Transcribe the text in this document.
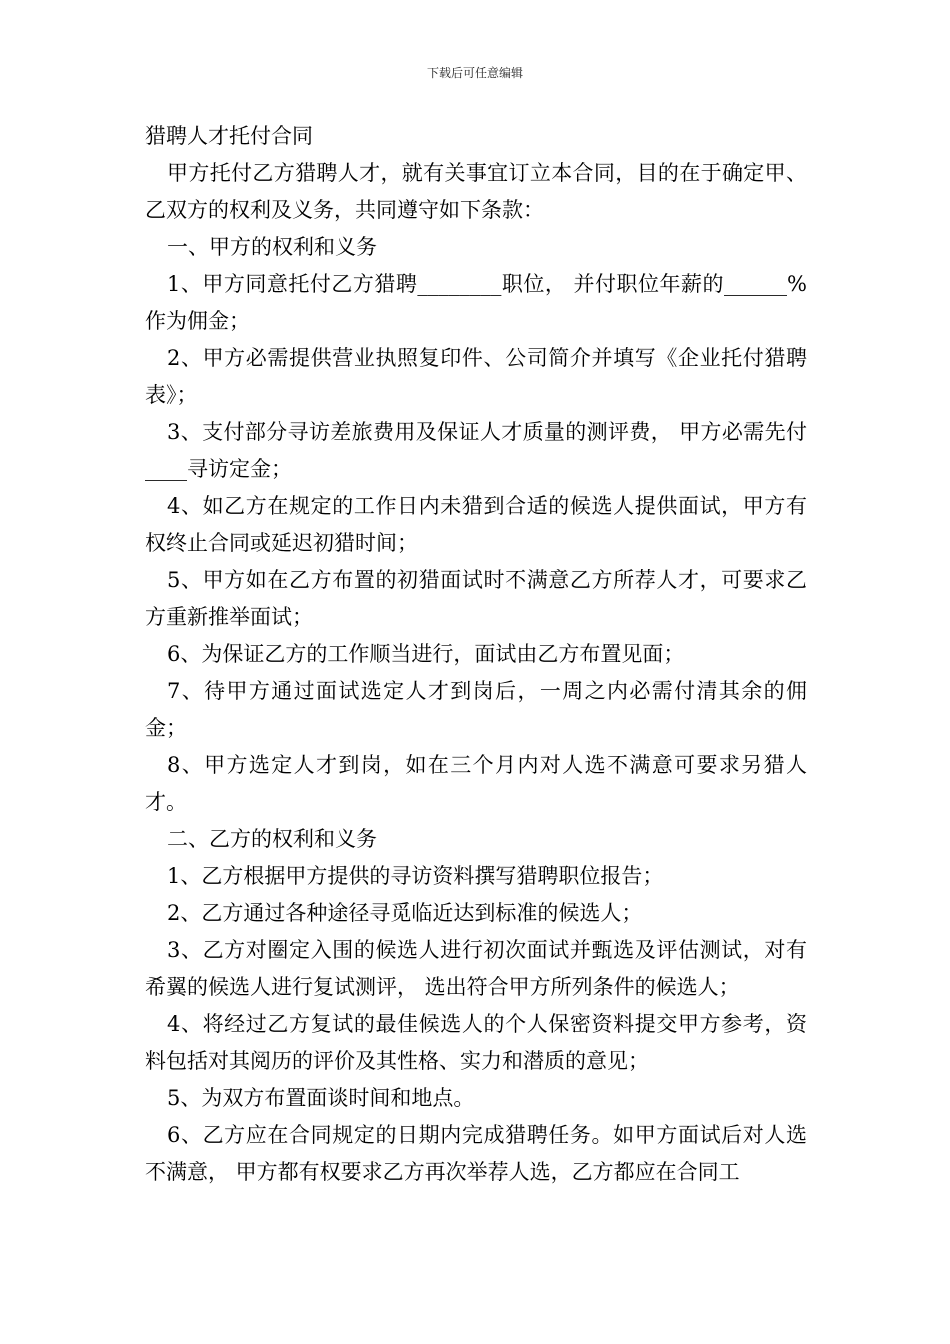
下载后可任意编辑

猎聘人才托付合同

甲方托付乙方猎聘人才，就有关事宜订立本合同，目的在于确定甲、 乙双方的权利及义务，共同遵守如下条款：

一、甲方的权利和义务

1、甲方同意托付乙方猎聘________职位， 并付职位年薪的______%作为佣金；

2、甲方必需提供营业执照复印件、公司简介并填写《企业托付猎聘表》；

3、支付部分寻访差旅费用及保证人才质量的测评费， 甲方必需先付____寻访定金；

4、如乙方在规定的工作日内未猎到合适的候选人提供面试，甲方有权终止合同或延迟初猎时间；

5、甲方如在乙方布置的初猎面试时不满意乙方所荐人才，可要求乙方重新推举面试；

6、为保证乙方的工作顺当进行，面试由乙方布置见面；

7、待甲方通过面试选定人才到岗后，一周之内必需付清其余的佣金；

8、甲方选定人才到岗，如在三个月内对人选不满意可要求另猎人才。

二、乙方的权利和义务

1、乙方根据甲方提供的寻访资料撰写猎聘职位报告；

2、乙方通过各种途径寻觅临近达到标准的候选人；

3、乙方对圈定入围的候选人进行初次面试并甄选及评估测试，对有希翼的候选人进行复试测评， 选出符合甲方所列条件的候选人；

4、将经过乙方复试的最佳候选人的个人保密资料提交甲方参考，资料包括对其阅历的评价及其性格、实力和潜质的意见；

5、为双方布置面谈时间和地点。

6、乙方应在合同规定的日期内完成猎聘任务。如甲方面试后对人选不满意， 甲方都有权要求乙方再次举荐人选，乙方都应在合同工
